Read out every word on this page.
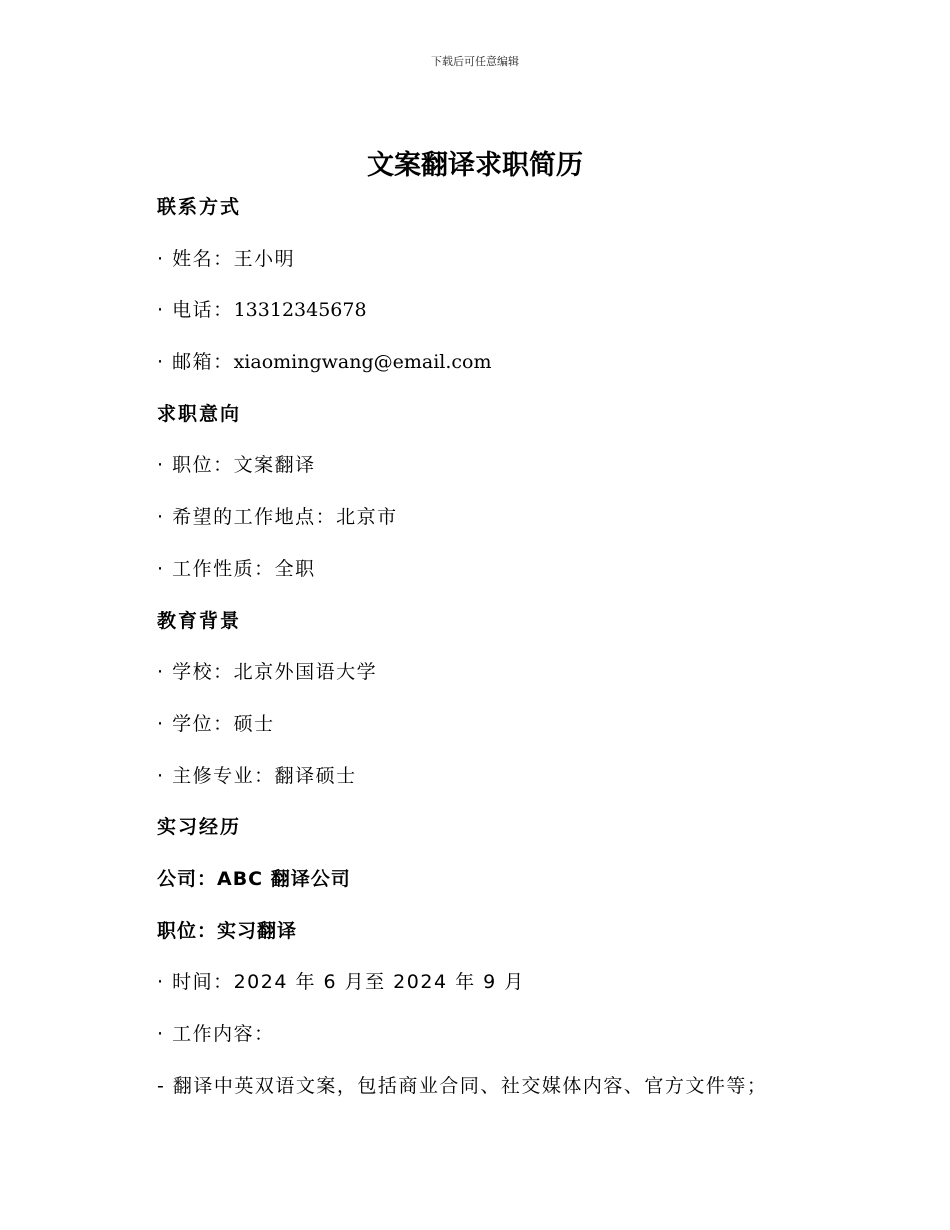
下载后可任意编辑
文案翻译求职简历
联系方式
· 姓名：王小明
· 电话：13312345678
· 邮箱：xiaomingwang@email.com
求职意向
· 职位：文案翻译
· 希望的工作地点：北京市
· 工作性质：全职
教育背景
· 学校：北京外国语大学
· 学位：硕士
· 主修专业：翻译硕士
实习经历
公司：ABC 翻译公司
职位：实习翻译
· 时间：2024 年 6 月至 2024 年 9 月
· 工作内容：
- 翻译中英双语文案，包括商业合同、社交媒体内容、官方文件等；
